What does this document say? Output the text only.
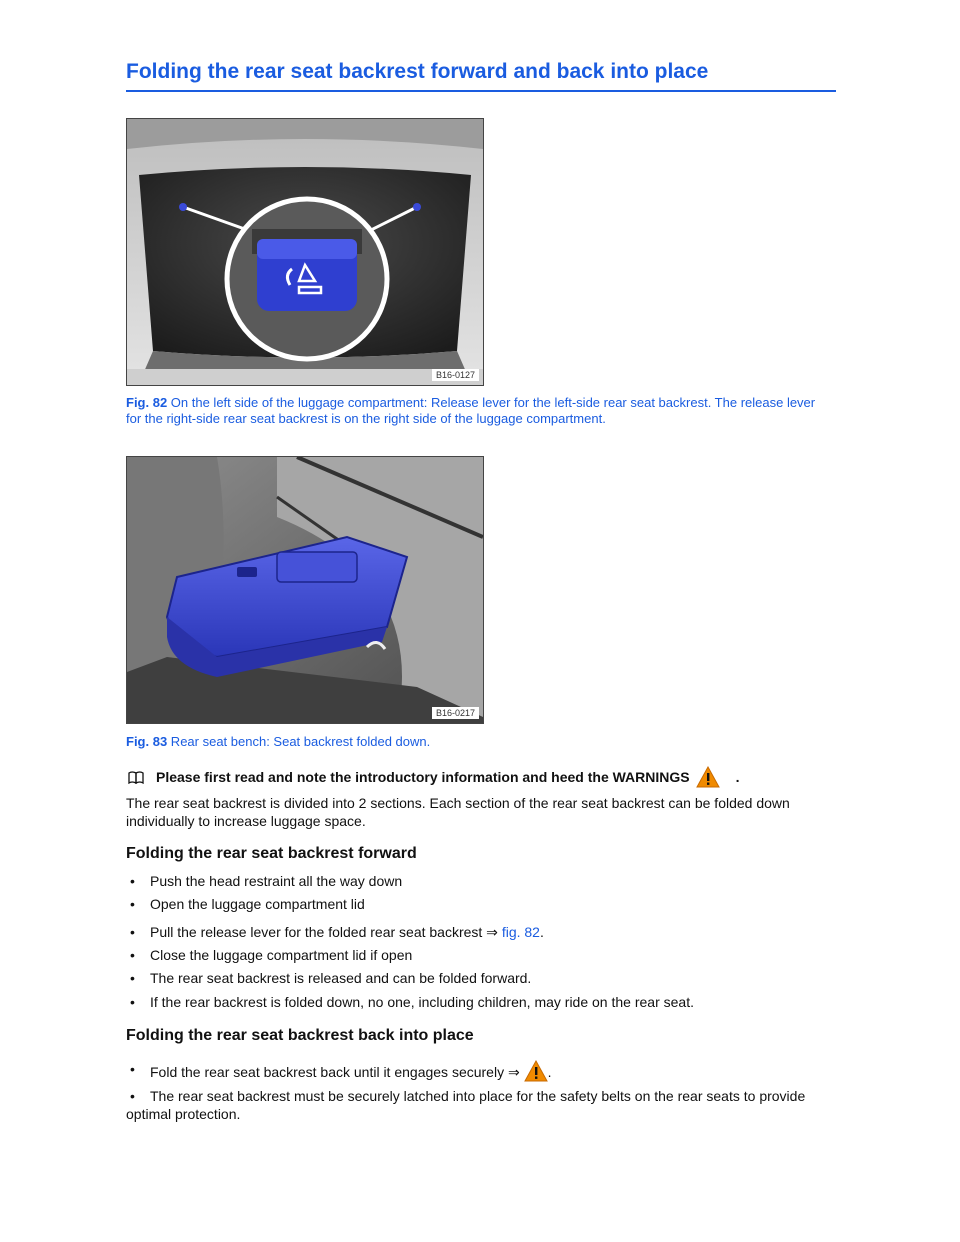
Folding the rear seat backrest forward and back into place
B16-0127
Fig. 82 On the left side of the luggage compartment: Release lever for the left-side rear seat backrest. The release lever for the right-side rear seat backrest is on the right side of the luggage compartment.
B16-0217
Fig. 83 Rear seat bench: Seat backrest folded down.
Please first read and note the introductory information and heed the WARNINGS	.
The rear seat backrest is divided into 2 sections. Each section of the rear seat backrest can be folded down individually to increase luggage space.
Folding the rear seat backrest forward
•	Push the head restraint all the way down
•	Open the luggage compartment lid
•	Pull the release lever for the folded rear seat backrest ⇒ fig. 82.
•	Close the luggage compartment lid if open
•	The rear seat backrest is released and can be folded forward.
•	If the rear backrest is folded down, no one, including children, may ride on the rear seat.
Folding the rear seat backrest back into place
•	Fold the rear seat backrest back until it engages securely ⇒ .
•	The rear seat backrest must be securely latched into place for the safety belts on the rear seats to provide optimal protection.
